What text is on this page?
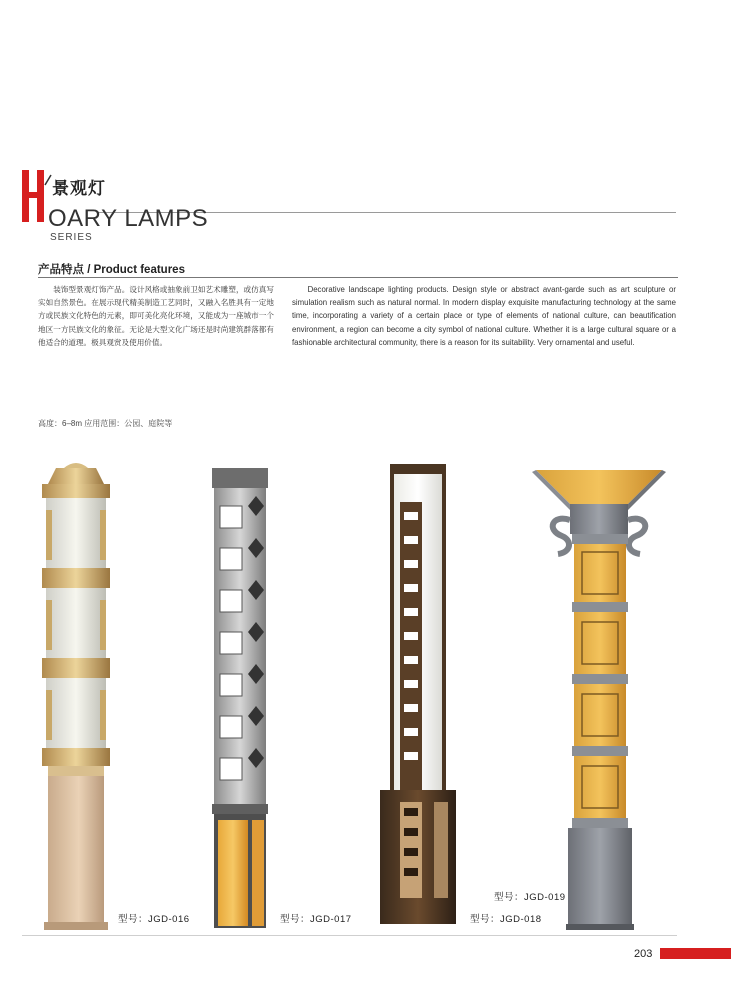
景观灯
OARY LAMPS
SERIES
产品特点 / Product features
装饰型景观灯饰产品。设计风格或抽象前卫如艺术雕塑，或仿真写实如自然景色。在展示现代精美制造工艺同时，又融入名胜具有一定地方或民族文化特色的元素，即可美化亮化环境，又能成为一座城市一个地区一方民族文化的象征。无论是大型文化广场还是时尚建筑群落都有他适合的道理。极具观赏及使用价值。
Decorative landscape lighting products. Design style or abstract avant-garde such as art sculpture or simulation realism such as natural normal. In modern display exquisite manufacturing technology at the same time, incorporating a variety of a certain place or type of elements of national culture, can beautification environment, a region can become a city symbol of national culture. Whether it is a large cultural square or a fashionable architectural community, there is a reason for its suitability. Very ornamental and useful.
高度：6–8m 应用范围：公园、庭院等
型号：JGD-016	型号：JGD-017	型号：JGD-018
型号：JGD-019
203
